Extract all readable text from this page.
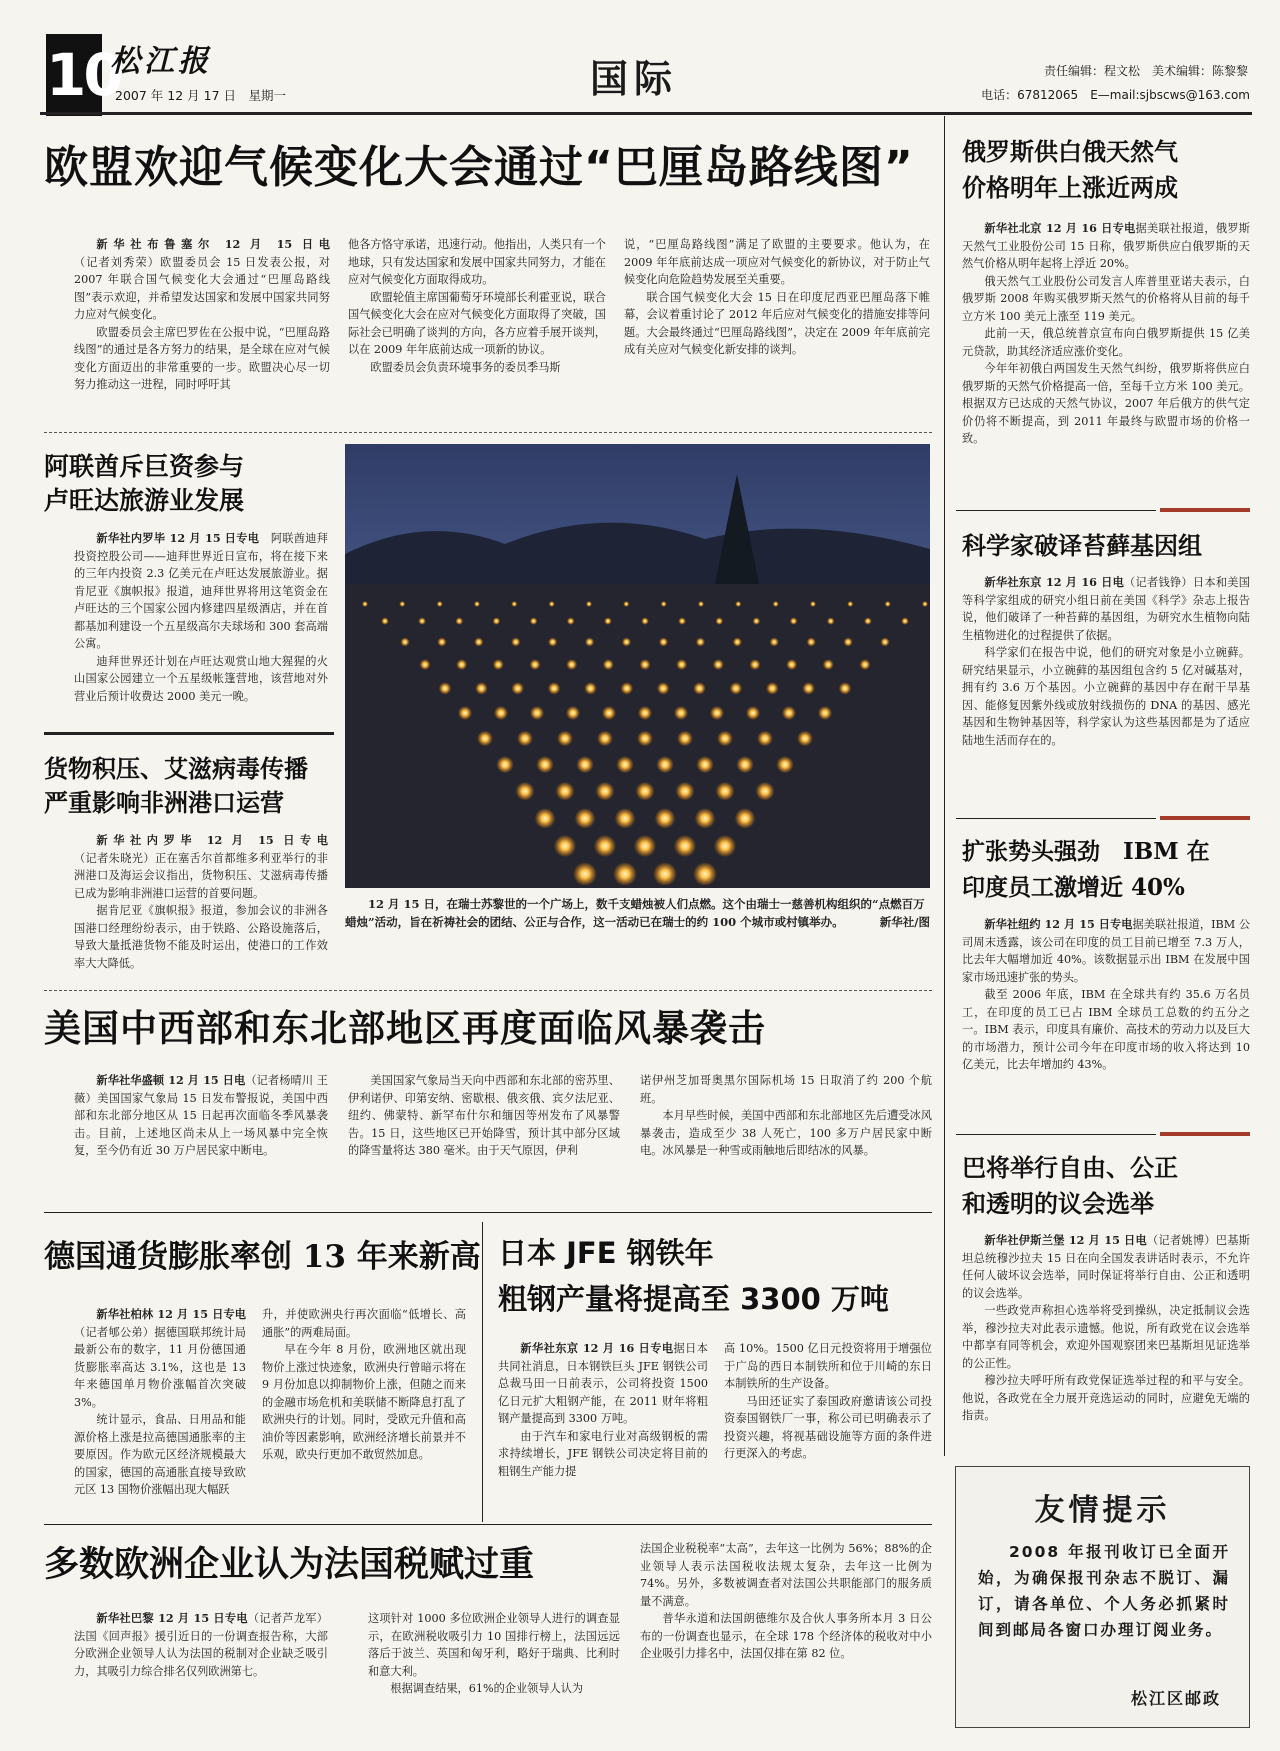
10
松江报
2007 年 12 月 17 日　星期一	国际	责任编辑：程文松　美术编辑：陈黎黎
电话：67812065　E—mail:sjbscws@163.com
欧盟欢迎气候变化大会通过“巴厘岛路线图”

新华社布鲁塞尔 12 月 15 日电（记者刘秀荣）欧盟委员会 15 日发表公报，对 2007 年联合国气候变化大会通过“巴厘岛路线图”表示欢迎，并希望发达国家和发展中国家共同努力应对气候变化。

欧盟委员会主席巴罗佐在公报中说，“巴厘岛路线图”的通过是各方努力的结果，是全球在应对气候变化方面迈出的非常重要的一步。欧盟决心尽一切努力推动这一进程，同时呼吁其

他各方恪守承诺，迅速行动。他指出，人类只有一个地球，只有发达国家和发展中国家共同努力，才能在应对气候变化方面取得成功。

欧盟轮值主席国葡萄牙环境部长利霍亚说，联合国气候变化大会在应对气候变化方面取得了突破，国际社会已明确了谈判的方向，各方应着手展开谈判，以在 2009 年年底前达成一项新的协议。

欧盟委员会负责环境事务的委员季马斯

说，“巴厘岛路线图”满足了欧盟的主要要求。他认为，在 2009 年年底前达成一项应对气候变化的新协议，对于防止气候变化向危险趋势发展至关重要。

联合国气候变化大会 15 日在印度尼西亚巴厘岛落下帷幕，会议着重讨论了 2012 年后应对气候变化的措施安排等问题。大会最终通过“巴厘岛路线图”，决定在 2009 年年底前完成有关应对气候变化新安排的谈判。

阿联酋斥巨资参与
卢旺达旅游业发展

新华社内罗毕 12 月 15 日专电　 阿联酋迪拜投资控股公司——迪拜世界近日宣布，将在接下来的三年内投资 2.3 亿美元在卢旺达发展旅游业。据肯尼亚《旗帜报》报道，迪拜世界将用这笔资金在卢旺达的三个国家公园内修建四星级酒店，并在首都基加利建设一个五星级高尔夫球场和 300 套高端公寓。

迪拜世界还计划在卢旺达观赏山地大猩猩的火山国家公园建立一个五星级帐篷营地，该营地对外营业后预计收费达 2000 美元一晚。

货物积压、艾滋病毒传播
严重影响非洲港口运营

新华社内罗毕 12 月 15 日专电（记者朱晓光）正在塞舌尔首都维多利亚举行的非洲港口及海运会议指出，货物积压、艾滋病毒传播已成为影响非洲港口运营的首要问题。

据肯尼亚《旗帜报》报道，参加会议的非洲各国港口经理纷纷表示，由于铁路、公路设施落后，导致大量抵港货物不能及时运出，使港口的工作效率大大降低。

12 月 15 日，在瑞士苏黎世的一个广场上，数千支蜡烛被人们点燃。这个由瑞士一慈善机构组织的“点燃百万蜡烛”活动，旨在祈祷社会的团结、公正与合作，这一活动已在瑞士的约 100 个城市或村镇举办。	新华社/图

美国中西部和东北部地区再度面临风暴袭击

新华社华盛顿 12 月 15 日电（记者杨晴川 王薇）美国国家气象局 15 日发布警报说，美国中西部和东北部分地区从 15 日起再次面临冬季风暴袭击。目前，上述地区尚未从上一场风暴中完全恢复，至今仍有近 30 万户居民家中断电。

美国国家气象局当天向中西部和东北部的密苏里、伊利诺伊、印第安纳、密歇根、俄亥俄、宾夕法尼亚、纽约、佛蒙特、新罕布什尔和缅因等州发布了风暴警告。15 日，这些地区已开始降雪，预计其中部分区域的降雪量将达 380 毫米。由于天气原因，伊利

诺伊州芝加哥奥黑尔国际机场 15 日取消了约 200 个航班。

本月早些时候，美国中西部和东北部地区先后遭受冰风暴袭击，造成至少 38 人死亡，100 多万户居民家中断电。冰风暴是一种雪或雨触地后即结冰的风暴。

德国通货膨胀率创 13 年来新高

新华社柏林 12 月 15 日专电（记者郇公弟）据德国联邦统计局最新公布的数字，11 月份德国通货膨胀率高达 3.1%，这也是 13 年来德国单月物价涨幅首次突破 3%。

统计显示，食品、日用品和能源价格上涨是拉高德国通胀率的主要原因。作为欧元区经济规模最大的国家，德国的高通胀直接导致欧元区 13 国物价涨幅出现大幅跃

升，并使欧洲央行再次面临“低增长、高通胀”的两难局面。

早在今年 8 月份，欧洲地区就出现物价上涨过快迹象，欧洲央行曾暗示将在 9 月份加息以抑制物价上涨，但随之而来的金融市场危机和美联储不断降息打乱了欧洲央行的计划。同时，受欧元升值和高油价等因素影响，欧洲经济增长前景并不乐观，欧央行更加不敢贸然加息。

日本 JFE 钢铁年
粗钢产量将提高至 3300 万吨

新华社东京 12 月 16 日专电据日本共同社消息，日本钢铁巨头 JFE 钢铁公司总裁马田一日前表示，公司将投资 1500 亿日元扩大粗钢产能，在 2011 财年将粗钢产量提高到 3300 万吨。

由于汽车和家电行业对高级钢板的需求持续增长，JFE 钢铁公司决定将目前的粗钢生产能力提

高 10%。1500 亿日元投资将用于增强位于广岛的西日本制铁所和位于川崎的东日本制铁所的生产设备。

马田还证实了泰国政府邀请该公司投资泰国钢铁厂一事，称公司已明确表示了投资兴趣，将视基础设施等方面的条件进行更深入的考虑。

多数欧洲企业认为法国税赋过重

新华社巴黎 12 月 15 日专电（记者芦龙军）法国《回声报》援引近日的一份调查报告称，大部分欧洲企业领导人认为法国的税制对企业缺乏吸引力，其吸引力综合排名仅列欧洲第七。

这项针对 1000 多位欧洲企业领导人进行的调查显示，在欧洲税收吸引力 10 国排行榜上，法国远远落后于波兰、英国和匈牙利，略好于瑞典、比利时和意大利。

根据调查结果，61%的企业领导人认为

法国企业税税率“太高”，去年这一比例为 56%；88%的企业领导人表示法国税收法规太复杂，去年这一比例为 74%。另外，多数被调查者对法国公共职能部门的服务质量不满意。

普华永道和法国朗德维尔及合伙人事务所本月 3 日公布的一份调查也显示，在全球 178 个经济体的税收对中小企业吸引力排名中，法国仅排在第 82 位。

俄罗斯供白俄天然气
价格明年上涨近两成

新华社北京 12 月 16 日专电据美联社报道，俄罗斯天然气工业股份公司 15 日称，俄罗斯供应白俄罗斯的天然气价格从明年起将上浮近 20%。

俄天然气工业股份公司发言人库普里亚诺夫表示，白俄罗斯 2008 年购买俄罗斯天然气的价格将从目前的每千立方米 100 美元上涨至 119 美元。

此前一天，俄总统普京宣布向白俄罗斯提供 15 亿美元贷款，助其经济适应涨价变化。

今年年初俄白两国发生天然气纠纷，俄罗斯将供应白俄罗斯的天然气价格提高一倍，至每千立方米 100 美元。根据双方已达成的天然气协议，2007 年后俄方的供气定价仍将不断提高，到 2011 年最终与欧盟市场的价格一致。

科学家破译苔藓基因组

新华社东京 12 月 16 日电（记者钱铮）日本和美国等科学家组成的研究小组日前在美国《科学》杂志上报告说，他们破译了一种苔藓的基因组，为研究水生植物向陆生植物进化的过程提供了依据。

科学家们在报告中说，他们的研究对象是小立碗藓。研究结果显示，小立碗藓的基因组包含约 5 亿对碱基对，拥有约 3.6 万个基因。小立碗藓的基因中存在耐干旱基因、能修复因紫外线或放射线损伤的 DNA 的基因、感光基因和生物钟基因等，科学家认为这些基因都是为了适应陆地生活而存在的。

扩张势头强劲　IBM 在
印度员工激增近 40%

新华社纽约 12 月 15 日专电据美联社报道，IBM 公司周末透露，该公司在印度的员工目前已增至 7.3 万人，比去年大幅增加近 40%。该数据显示出 IBM 在发展中国家市场迅速扩张的势头。

截至 2006 年底，IBM 在全球共有约 35.6 万名员工，在印度的员工已占 IBM 全球员工总数的约五分之一。IBM 表示，印度具有廉价、高技术的劳动力以及巨大的市场潜力，预计公司今年在印度市场的收入将达到 10 亿美元，比去年增加约 43%。

巴将举行自由、公正
和透明的议会选举

新华社伊斯兰堡 12 月 15 日电（记者姚博）巴基斯坦总统穆沙拉夫 15 日在向全国发表讲话时表示，不允许任何人破坏议会选举，同时保证将举行自由、公正和透明的议会选举。

一些政党声称担心选举将受到操纵，决定抵制议会选举，穆沙拉夫对此表示遗憾。他说，所有政党在议会选举中都享有同等机会，欢迎外国观察团来巴基斯坦见证选举的公正性。

穆沙拉夫呼吁所有政党保证选举过程的和平与安全。他说，各政党在全力展开竞选运动的同时，应避免无端的指责。

友情提示

2008 年报刊收订已全面开始，为确保报刊杂志不脱订、漏订，请各单位、个人务必抓紧时间到邮局各窗口办理订阅业务。

松江区邮政
